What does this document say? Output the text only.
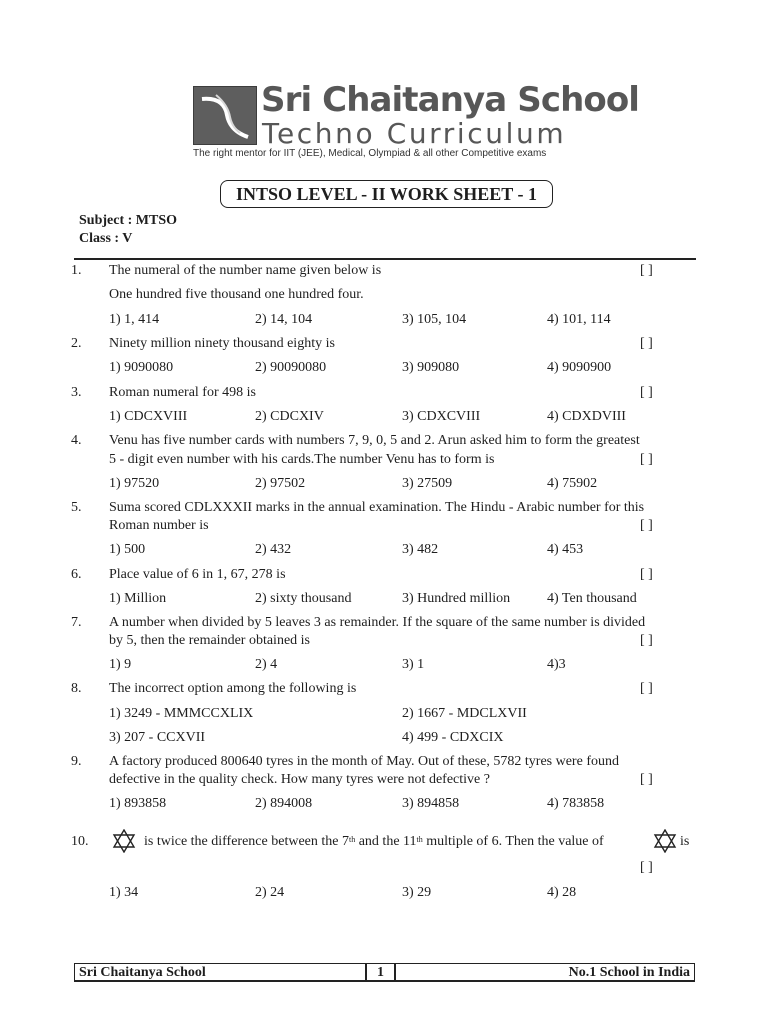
Sri Chaitanya School
Techno Curriculum
The right mentor for IIT (JEE), Medical, Olympiad & all other Competitive exams
INTSO LEVEL - II WORK SHEET - 1
Subject : MTSO
Class : V
1. The numeral of the number name given below is	[ ]
One hundred five thousand one hundred four.
1) 1, 414	2) 14, 104	3) 105, 104	4) 101, 114
2. Ninety million ninety thousand eighty is	[ ]
1) 9090080	2) 90090080	3) 909080	4) 9090900
3. Roman numeral for 498 is	[ ]
1) CDCXVIII	2) CDCXIV	3) CDXCVIII	4) CDXDVIII
4. Venu has five number cards with numbers 7, 9, 0, 5 and 2. Arun asked him to form the greatest
5 - digit even number with his cards.The number Venu has to form is	[ ]
1) 97520	2) 97502	3) 27509	4) 75902
5. Suma scored CDLXXXII marks in the annual examination. The Hindu - Arabic number for this
Roman number is	[ ]
1) 500	2) 432	3) 482	4) 453
6. Place value of 6 in 1, 67, 278 is	[ ]
1) Million	2) sixty thousand	3) Hundred million	4) Ten thousand
7. A number when divided by 5 leaves 3 as remainder. If the square of the same number is divided
by 5, then the remainder obtained is	[ ]
1) 9	2) 4	3) 1	4)3
8. The incorrect option among the following is	[ ]
1) 3249 - MMMCCXLIX	2) 1667 - MDCLXVII
3) 207 - CCXVII	4) 499 - CDXCIX
9. A factory produced 800640 tyres in the month of May. Out of these, 5782 tyres were found
defective in the quality check. How many tyres were not defective ?	[ ]
1) 893858	2) 894008	3) 894858	4) 783858
10.	is twice the difference between the 7th and the 11th multiple of 6. Then the value of	is
[ ]
1) 34	2) 24	3) 29	4) 28
Sri Chaitanya School	1	No.1 School in India
